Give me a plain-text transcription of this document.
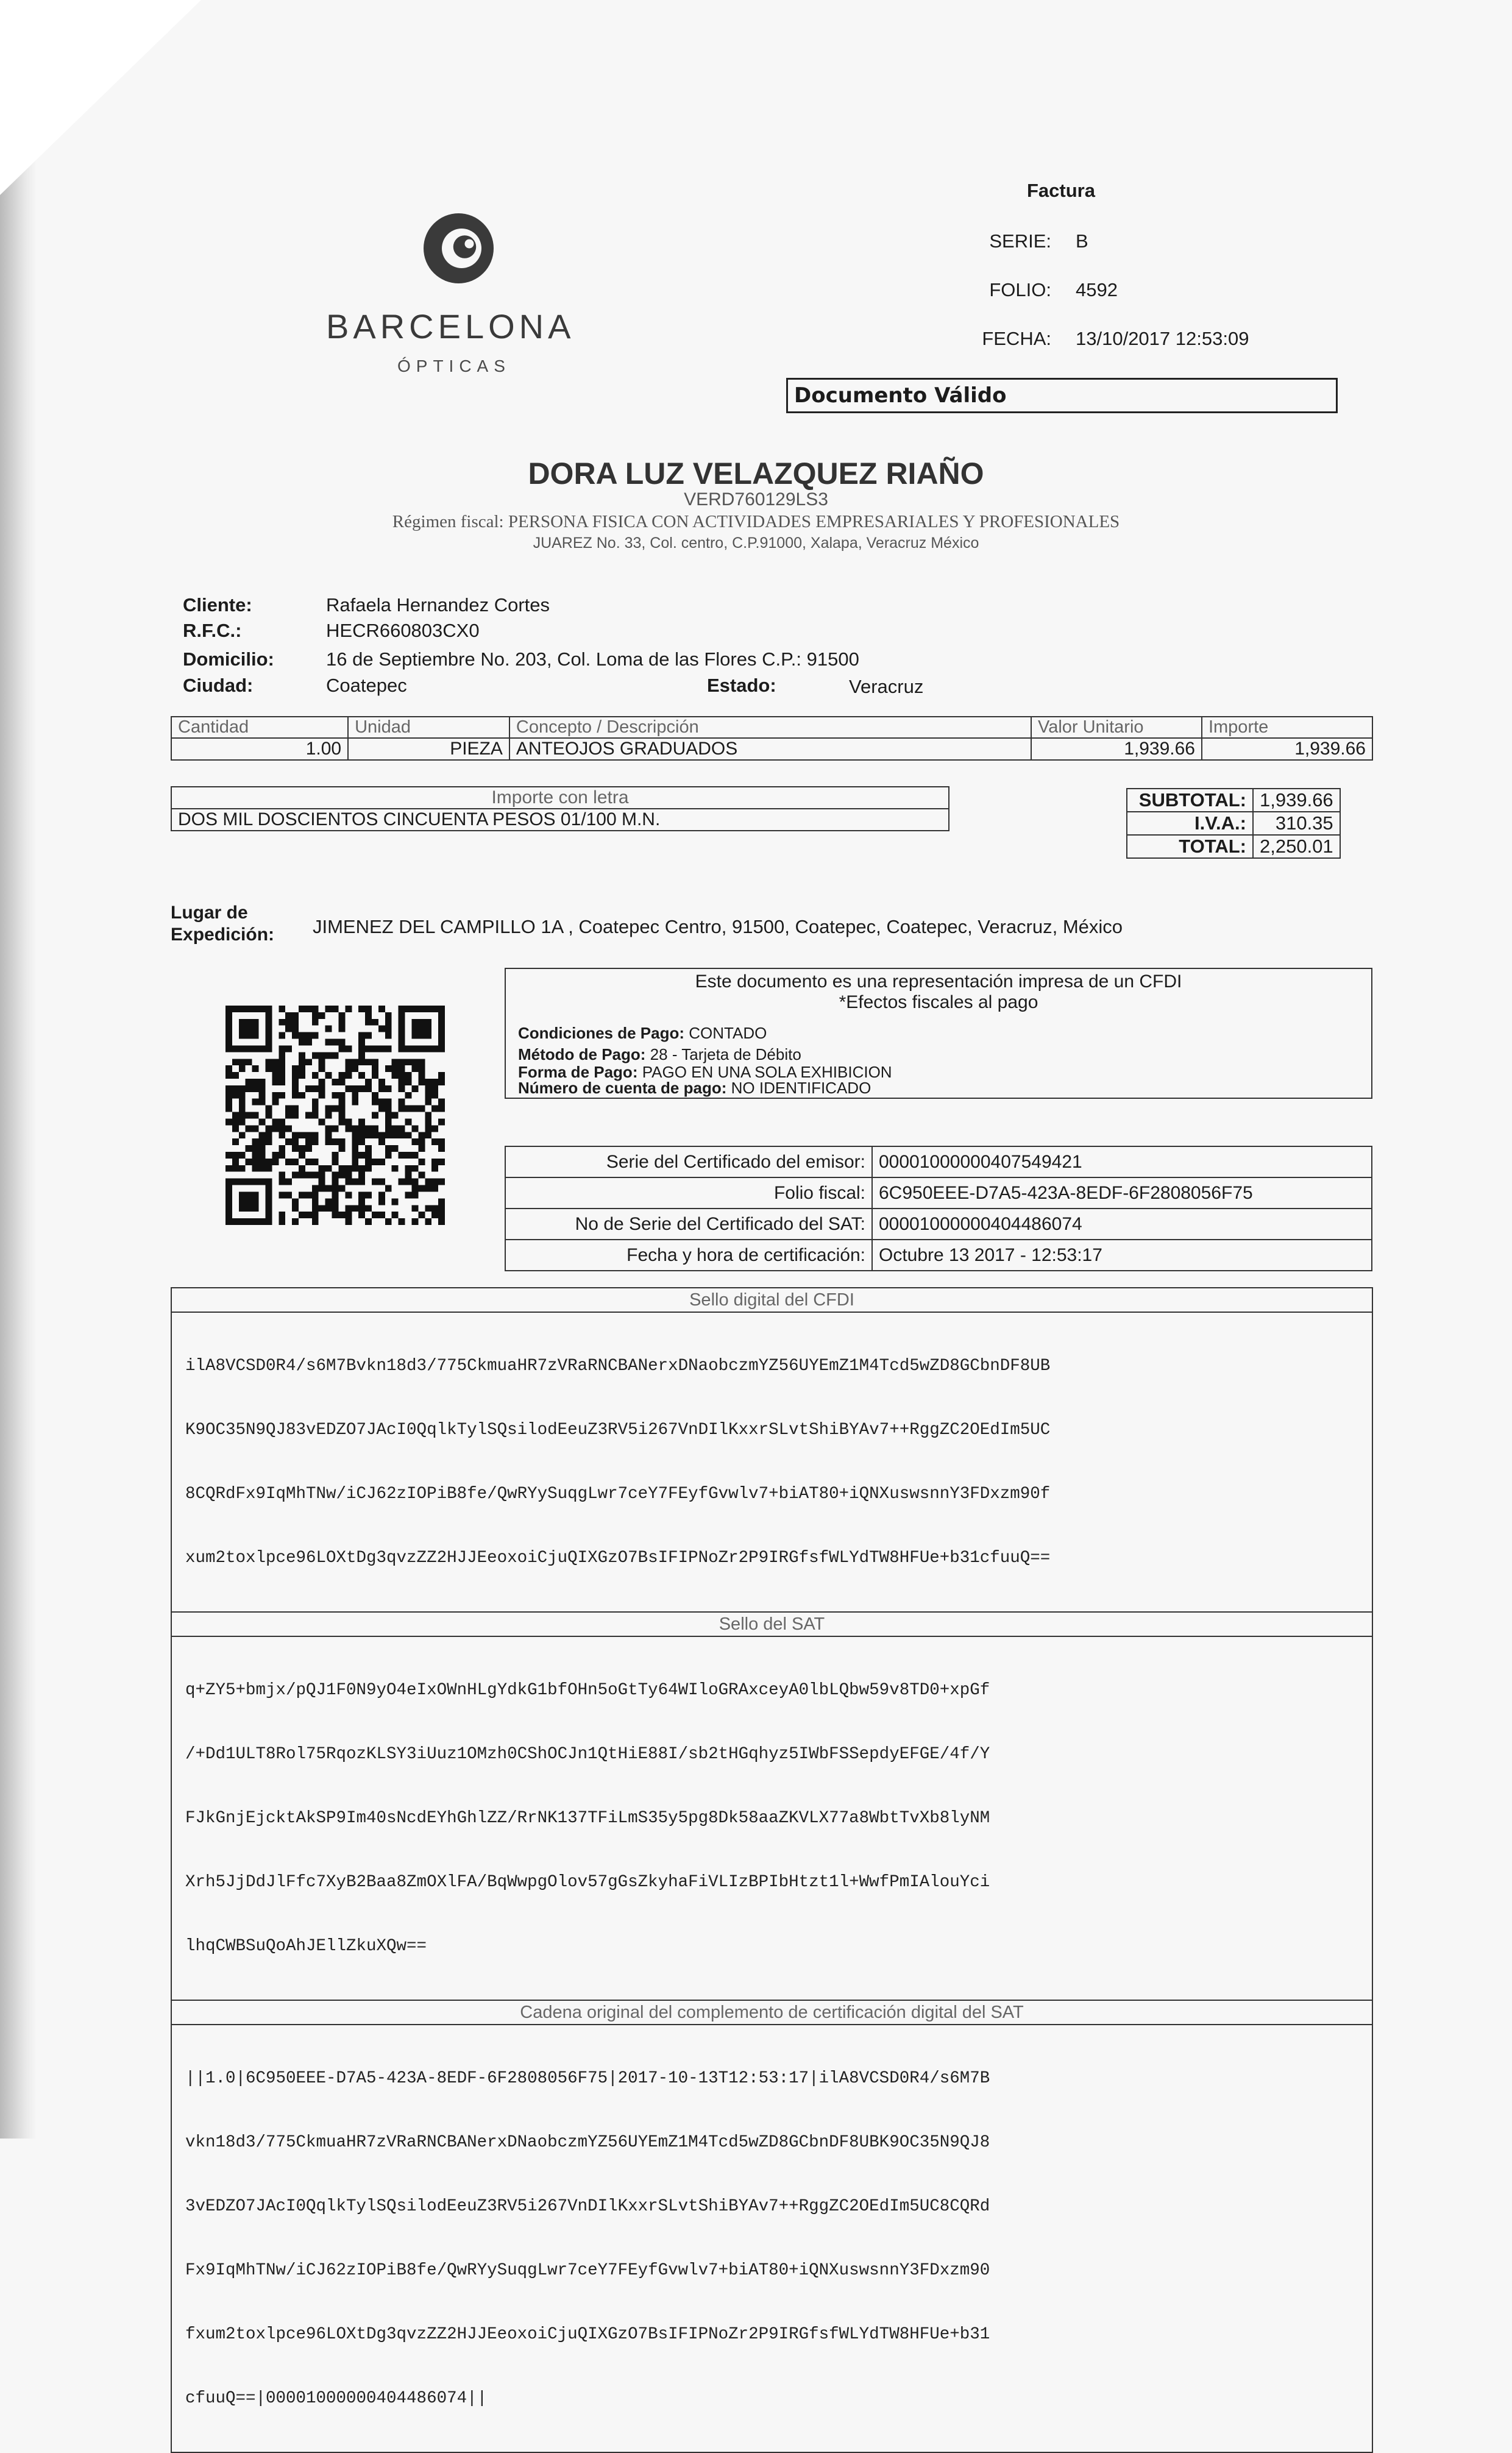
BARCELONA
ÓPTICAS
Factura
SERIE: B
FOLIO: 4592
FECHA: 13/10/2017 12:53:09
Documento Válido
DORA LUZ VELAZQUEZ RIAÑO
VERD760129LS3
Régimen fiscal: PERSONA FISICA CON ACTIVIDADES EMPRESARIALES Y PROFESIONALES
JUAREZ No. 33, Col. centro, C.P.91000, Xalapa, Veracruz México
Cliente:	Rafaela Hernandez Cortes
R.F.C.:	HECR660803CX0
Domicilio:	16 de Septiembre No. 203, Col. Loma de las Flores C.P.: 91500
Ciudad:	Coatepec	Estado:	Veracruz
Cantidad	Unidad	Concepto / Descripción	Valor Unitario	Importe
1.00	PIEZA	ANTEOJOS GRADUADOS	1,939.66	1,939.66
Importe con letra
DOS MIL DOSCIENTOS CINCUENTA PESOS 01/100 M.N.
SUBTOTAL:	1,939.66
I.V.A.:	310.35
TOTAL:	2,250.01
Lugar de
Expedición: JIMENEZ DEL CAMPILLO 1A , Coatepec Centro, 91500, Coatepec, Coatepec, Veracruz, México
Este documento es una representación impresa de un CFDI
*Efectos fiscales al pago
Condiciones de Pago: CONTADO
Método de Pago: 28 - Tarjeta de Débito
Forma de Pago: PAGO EN UNA SOLA EXHIBICION
Número de cuenta de pago: NO IDENTIFICADO
Serie del Certificado del emisor:	00001000000407549421
Folio fiscal:	6C950EEE-D7A5-423A-8EDF-6F2808056F75
No de Serie del Certificado del SAT:	00001000000404486074
Fecha y hora de certificación:	Octubre 13 2017 - 12:53:17
Sello digital del CFDI

ilA8VCSD0R4/s6M7Bvkn18d3/775CkmuaHR7zVRaRNCBANerxDNaobczmYZ56UYEmZ1M4Tcd5wZD8GCbnDF8UB

K9OC35N9QJ83vEDZO7JAcI0QqlkTylSQsilodEeuZ3RV5i267VnDIlKxxrSLvtShiBYAv7++RggZC2OEdIm5UC

8CQRdFx9IqMhTNw/iCJ62zIOPiB8fe/QwRYySuqgLwr7ceY7FEyfGvwlv7+biAT80+iQNXuswsnnY3FDxzm90f

xum2toxlpce96LOXtDg3qvzZZ2HJJEeoxoiCjuQIXGzO7BsIFIPNoZr2P9IRGfsfWLYdTW8HFUe+b31cfuuQ==

Sello del SAT

q+ZY5+bmjx/pQJ1F0N9yO4eIxOWnHLgYdkG1bfOHn5oGtTy64WIloGRAxceyA0lbLQbw59v8TD0+xpGf

/+Dd1ULT8Rol75RqozKLSY3iUuz1OMzh0CShOCJn1QtHiE88I/sb2tHGqhyz5IWbFSSepdyEFGE/4f/Y

FJkGnjEjcktAkSP9Im40sNcdEYhGhlZZ/RrNK137TFiLmS35y5pg8Dk58aaZKVLX77a8WbtTvXb8lyNM

Xrh5JjDdJlFfc7XyB2Baa8ZmOXlFA/BqWwpgOlov57gGsZkyhaFiVLIzBPIbHtzt1l+WwfPmIAlouYci

lhqCWBSuQoAhJEllZkuXQw==

Cadena original del complemento de certificación digital del SAT

||1.0|6C950EEE-D7A5-423A-8EDF-6F2808056F75|2017-10-13T12:53:17|ilA8VCSD0R4/s6M7B

vkn18d3/775CkmuaHR7zVRaRNCBANerxDNaobczmYZ56UYEmZ1M4Tcd5wZD8GCbnDF8UBK9OC35N9QJ8

3vEDZO7JAcI0QqlkTylSQsilodEeuZ3RV5i267VnDIlKxxrSLvtShiBYAv7++RggZC2OEdIm5UC8CQRd

Fx9IqMhTNw/iCJ62zIOPiB8fe/QwRYySuqgLwr7ceY7FEyfGvwlv7+biAT80+iQNXuswsnnY3FDxzm90

fxum2toxlpce96LOXtDg3qvzZZ2HJJEeoxoiCjuQIXGzO7BsIFIPNoZr2P9IRGfsfWLYdTW8HFUe+b31

cfuuQ==|00001000000404486074||
